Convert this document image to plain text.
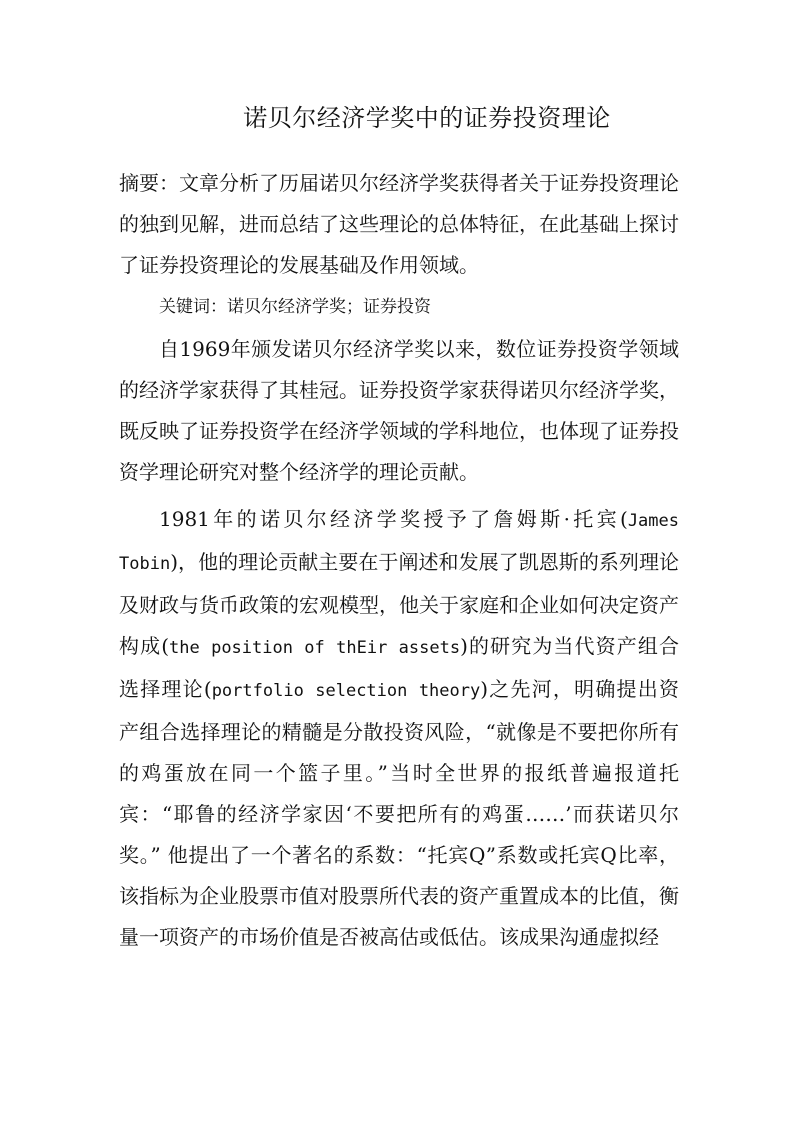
诺贝尔经济学奖中的证券投资理论

摘要：文章分析了历届诺贝尔经济学奖获得者关于证券投资理论的独到见解，进而总结了这些理论的总体特征，在此基础上探讨了证券投资理论的发展基础及作用领域。

关键词：诺贝尔经济学奖；证券投资

自1969年颁发诺贝尔经济学奖以来，数位证券投资学领域的经济学家获得了其桂冠。证券投资学家获得诺贝尔经济学奖，既反映了证券投资学在经济学领域的学科地位，也体现了证券投资学理论研究对整个经济学的理论贡献。

1981年的诺贝尔经济学奖授予了詹姆斯·托宾(James Tobin)，他的理论贡献主要在于阐述和发展了凯恩斯的系列理论及财政与货币政策的宏观模型，他关于家庭和企业如何决定资产构成(the position of thEir assets)的研究为当代资产组合选择理论(portfolio selection theory)之先河，明确提出资产组合选择理论的精髓是分散投资风险，“就像是不要把你所有的鸡蛋放在同一个篮子里。”当时全世界的报纸普遍报道托宾：“耶鲁的经济学家因‘不要把所有的鸡蛋……’而获诺贝尔奖。” 他提出了一个著名的系数：“托宾Q”系数或托宾Q比率，该指标为企业股票市值对股票所代表的资产重置成本的比值，衡量一项资产的市场价值是否被高估或低估。该成果沟通虚拟经
